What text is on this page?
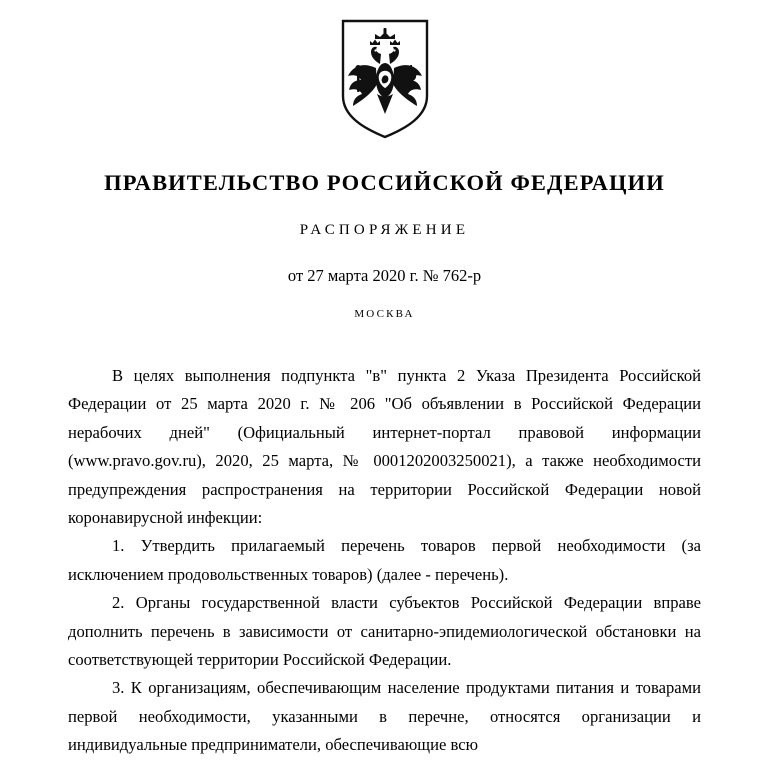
ПРАВИТЕЛЬСТВО РОССИЙСКОЙ ФЕДЕРАЦИИ
РАСПОРЯЖЕНИЕ
от 27 марта 2020 г. № 762-р
МОСКВА

В целях выполнения подпункта "в" пункта 2 Указа Президента Российской Федерации от 25 марта 2020 г. № 206 "Об объявлении в Российской Федерации нерабочих дней" (Официальный интернет-портал правовой информации (www.pravo.gov.ru), 2020, 25 марта, № 0001202003250021), а также необходимости предупреждения распространения на территории Российской Федерации новой коронавирусной инфекции:

1. Утвердить прилагаемый перечень товаров первой необходимости (за исключением продовольственных товаров) (далее - перечень).

2. Органы государственной власти субъектов Российской Федерации вправе дополнить перечень в зависимости от санитарно-эпидемиологической обстановки на соответствующей территории Российской Федерации.

3. К организациям, обеспечивающим население продуктами питания и товарами первой необходимости, указанными в перечне, относятся организации и индивидуальные предприниматели, обеспечивающие всю
